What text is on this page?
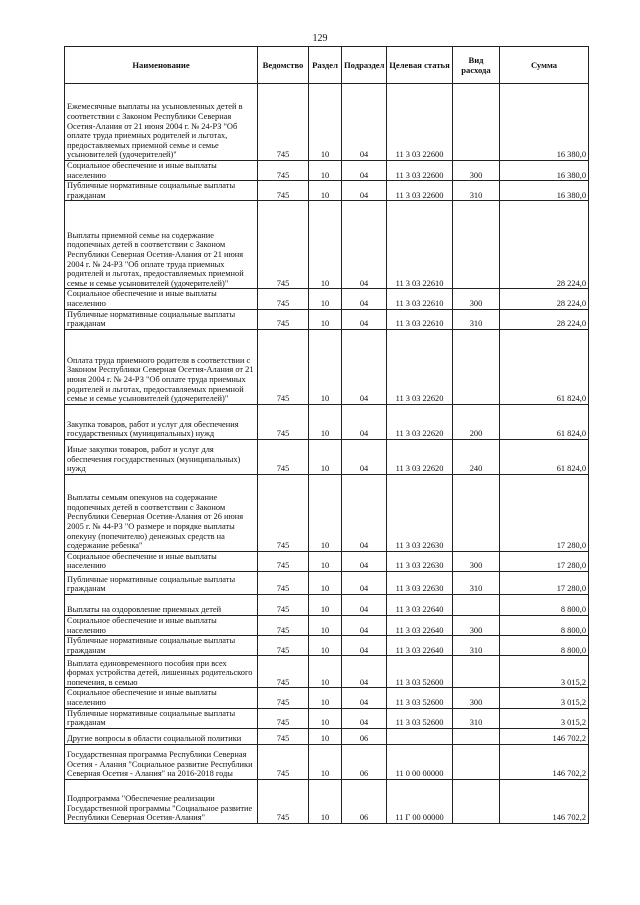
129
Наименование	Ведомство	Раздел	Подраздел	Целевая статья	Вид расхода	Сумма
Ежемесячные выплаты на усыновленных детей в соответствии с Законом Республики Северная Осетия-Алания от 21 июня 2004 г. № 24-РЗ "Об оплате труда приемных родителей и льготах, предоставляемых приемной семье и семье усыновителей (удочерителей)"	745	10	04	11 3 03 22600		16 380,0
Социальное обеспечение и иные выплаты населению	745	10	04	11 3 03 22600	300	16 380,0
Публичные нормативные социальные выплаты гражданам	745	10	04	11 3 03 22600	310	16 380,0
Выплаты приемной семье на содержание подопечных детей в соответствии с Законом Республики Северная Осетия-Алания от 21 июня 2004 г. № 24-РЗ "Об оплате труда приемных родителей и льготах, предоставляемых приемной семье и семье усыновителей (удочерителей)"	745	10	04	11 3 03 22610		28 224,0
Социальное обеспечение и иные выплаты населению	745	10	04	11 3 03 22610	300	28 224,0
Публичные нормативные социальные выплаты гражданам	745	10	04	11 3 03 22610	310	28 224,0
Оплата труда приемного родителя в соответствии с Законом Республики Северная Осетия-Алания от 21 июня 2004 г. № 24-РЗ "Об оплате труда приемных родителей и льготах, предоставляемых приемной семье и семье усыновителей (удочерителей)"	745	10	04	11 3 03 22620		61 824,0
Закупка товаров, работ и услуг для обеспечения государственных (муниципальных) нужд	745	10	04	11 3 03 22620	200	61 824,0
Иные закупки товаров, работ и услуг для обеспечения государственных (муниципальных) нужд	745	10	04	11 3 03 22620	240	61 824,0
Выплаты семьям опекунов на содержание подопечных детей в соответствии с Законом Республики Северная Осетия-Алания от 26 июня 2005 г. № 44-РЗ "О размере и порядке выплаты опекуну (попечителю) денежных средств на содержание ребенка"	745	10	04	11 3 03 22630		17 280,0
Социальное обеспечение и иные выплаты населению	745	10	04	11 3 03 22630	300	17 280,0
Публичные нормативные социальные выплаты гражданам	745	10	04	11 3 03 22630	310	17 280,0
Выплаты на оздоровление приемных детей	745	10	04	11 3 03 22640		8 800,0
Социальное обеспечение и иные выплаты населению	745	10	04	11 3 03 22640	300	8 800,0
Публичные нормативные социальные выплаты гражданам	745	10	04	11 3 03 22640	310	8 800,0
Выплата единовременного пособия при всех формах устройства детей, лишенных родительского попечения, в семью	745	10	04	11 3 03 52600		3 015,2
Социальное обеспечение и иные выплаты населению	745	10	04	11 3 03 52600	300	3 015,2
Публичные нормативные социальные выплаты гражданам	745	10	04	11 3 03 52600	310	3 015,2
Другие вопросы в области социальной политики	745	10	06			146 702,2
Государственная программа Республики Северная Осетия - Алания "Социальное развитие Республики Северная Осетия - Алания" на 2016-2018 годы	745	10	06	11 0 00 00000		146 702,2
Подпрограмма "Обеспечение реализации Государственной программы "Социальное развитие Республики Северная Осетия-Алания"	745	10	06	11 Г 00 00000		146 702,2
